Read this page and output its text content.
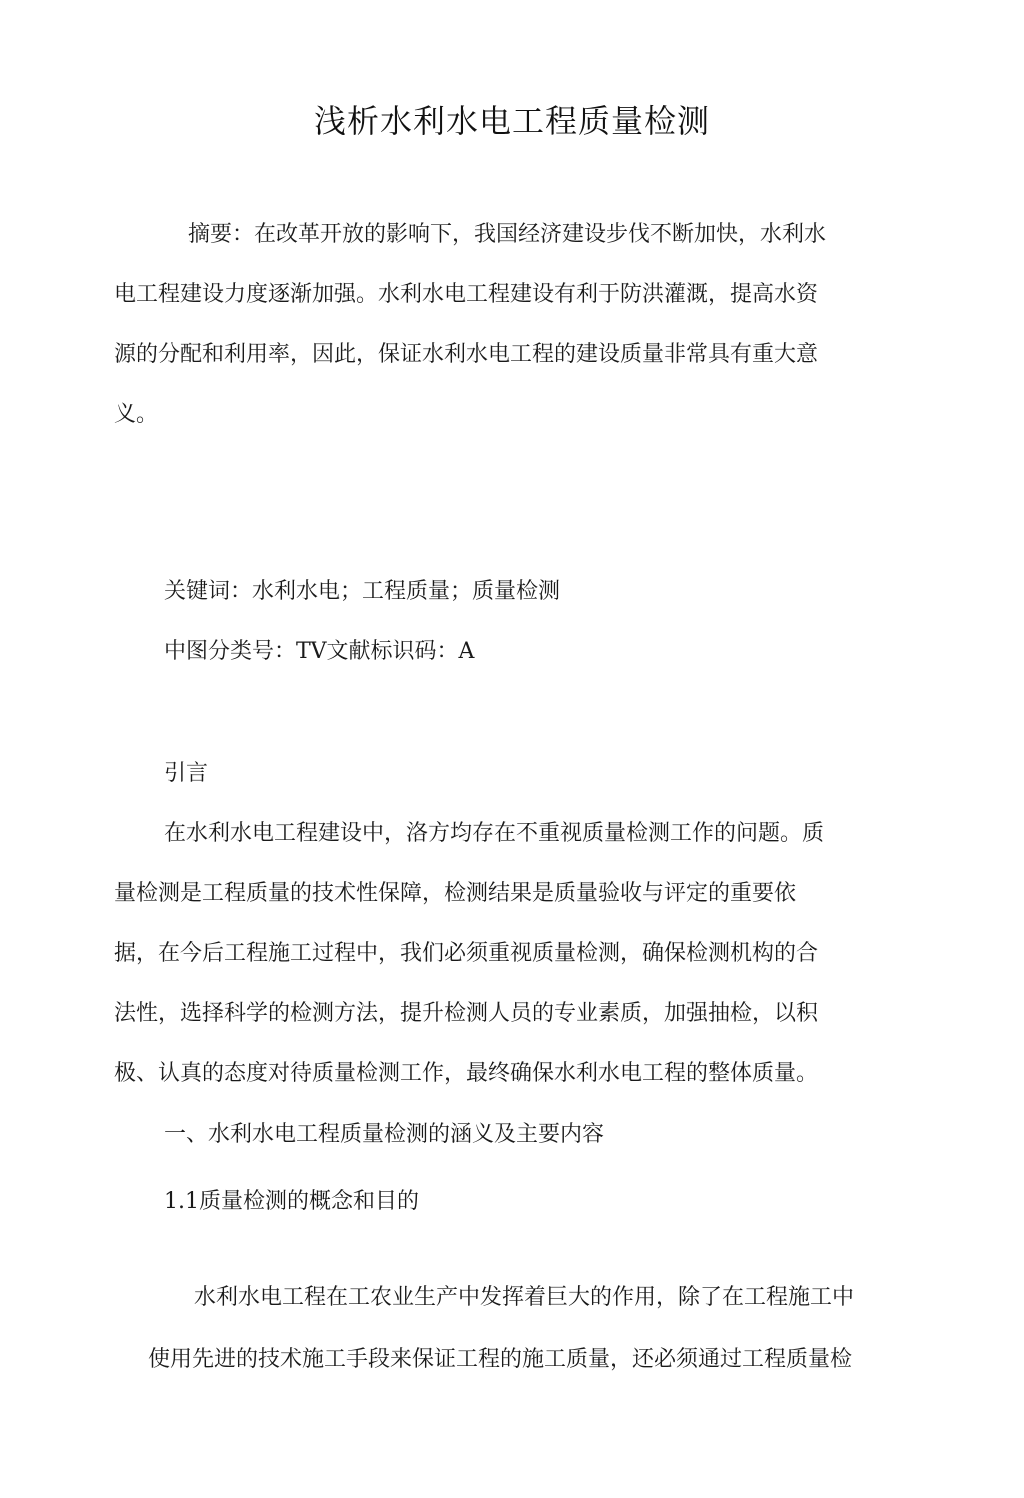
浅析水利水电工程质量检测
摘要：在改革开放的影响下，我国经济建设步伐不断加快，水利水
电工程建设力度逐渐加强。水利水电工程建设有利于防洪灌溉，提高水资
源的分配和利用率，因此，保证水利水电工程的建设质量非常具有重大意
义。
关键词：水利水电；工程质量；质量检测
中图分类号：TV文献标识码：A
引言
在水利水电工程建设中，洛方均存在不重视质量检测工作的问题。质
量检测是工程质量的技术性保障，检测结果是质量验收与评定的重要依
据，在今后工程施工过程中，我们必须重视质量检测，确保检测机构的合
法性，选择科学的检测方法，提升检测人员的专业素质，加强抽检，以积
极、认真的态度对待质量检测工作，最终确保水利水电工程的整体质量。
一、水利水电工程质量检测的涵义及主要内容
1.1质量检测的概念和目的
水利水电工程在工农业生产中发挥着巨大的作用，除了在工程施工中
使用先进的技术施工手段来保证工程的施工质量，还必须通过工程质量检
